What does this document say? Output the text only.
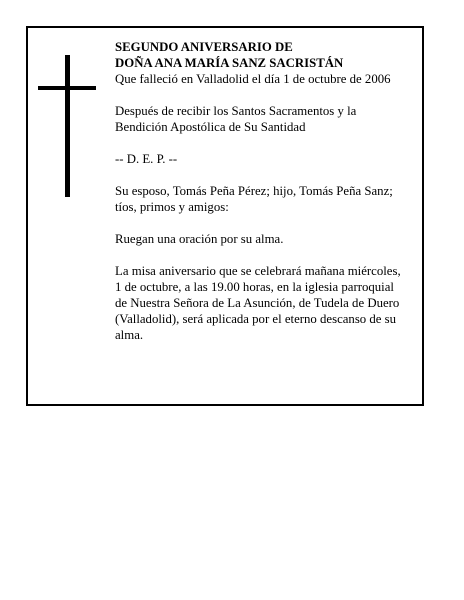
SEGUNDO ANIVERSARIO DE
DOÑA ANA MARÍA SANZ SACRISTÁN
Que falleció en Valladolid el día 1 de octubre de 2006
Después de recibir los Santos Sacramentos y la
Bendición Apostólica de Su Santidad
-- D. E. P. --
Su esposo, Tomás Peña Pérez; hijo, Tomás Peña Sanz;
tíos, primos y amigos:
Ruegan una oración por su alma.
La misa aniversario que se celebrará mañana miércoles,
1 de octubre, a las 19.00 horas, en la iglesia parroquial
de Nuestra Señora de La Asunción, de Tudela de Duero
(Valladolid), será aplicada por el eterno descanso de su
alma.
